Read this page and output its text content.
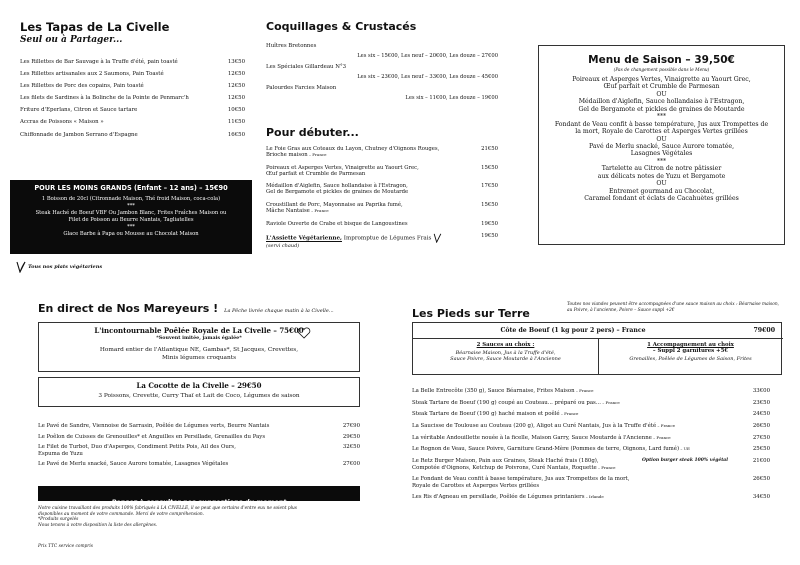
Les Tapas de La Civelle
Seul ou à Partager...
Les Rillettes de Bar Sauvage à la Truffe d'été, pain toasté	13€50
Les Rillettes artisanales aux 2 Saumons, Pain Toasté	12€50
Les Rillettes de Porc des copains, Pain toasté	12€50
Les filets de Sardines à la Bolinche de la Pointe de Penmarc'h	12€50
Friture d'Eperlans, Citron et Sauce tartare	10€50
Accras de Poissons « Maison »	11€50
Chiffonnade de Jambon Serrano d'Espagne	16€50
POUR LES MOINS GRANDS (Enfant – 12 ans) – 15€90
1 Boisson de 20cl (Citronnade Maison, Thé froid Maison, coca-cola)
***
Steak Haché de Boeuf VBF Ou Jambon Blanc, Frites Fraîches Maison ou
Filet de Poisson au Beurre Nantais, Tagliatelles
***
Glace Barbe à Papa ou Mousse au Chocolat Maison
Tous nos plats végétariens
Coquillages & Crustacés
Huîtres Bretonnes
Les six – 15€00, Les neuf – 20€00, Les douze – 27€00
Les Spéciales Gillardeau N°3
Les six – 23€00, Les neuf – 33€00, Les douze – 45€00
Palourdes Farcies Maison
Les six – 11€00, Les douze – 19€00
Pour débuter...
Le Foie Gras aux Coteaux du Layon, Chutney d'Oignons Rouges,
Brioche maison – France
21€50
Poireaux et Asperges Vertes, Vinaigrette au Yaourt Grec,
Œuf parfait et Crumble de Parmesan
15€50
Médaillon d'Aiglefin, Sauce hollandaise à l'Estragon,
Gel de Bergamote et pickles de graines de Moutarde
17€50
Croustillant de Porc, Mayonnaise au Paprika fumé,
Mâche Nantaise – France
15€50
Raviole Ouverte de Crabe et bisque de Langoustines	19€50
L'Assiette Végétarienne, Impromptue de Légumes Frais
(servi chaud)
19€50
Menu de Saison – 39,50€
(Pas de changement possible dans le Menu)
Poireaux et Asperges Vertes, Vinaigrette au Yaourt Grec,
Œuf parfait et Crumble de Parmesan
OU
Médaillon d'Aiglefin, Sauce hollandaise à l'Estragon,
Gel de Bergamote et pickles de graines de Moutarde
***
Fondant de Veau confit à basse température, Jus aux Trompettes de
la mort, Royale de Carottes et Asperges Vertes grillées
OU
Pavé de Merlu snacké, Sauce Aurore tomatée,
Lasagnes Végétales
***
Tartelette au Citron de notre pâtissier
aux délicats notes de Yuzu et Bergamote
OU
Entremet gourmand au Chocolat,
Caramel fondant et éclats de Cacahuètes grillées
En direct de Nos Mareyeurs ! La Pêche livrée chaque matin à la Civelle...
L'incontournable Poêlée Royale de La Civelle – 75€00
*Souvent imitée, jamais égalée*
Homard entier de l'Atlantique NE, Gambas*, St Jacques, Crevettes,
Minis légumes croquants
La Cocotte de la Civelle – 29€50
3 Poissons, Crevette, Curry Thaï et Lait de Coco, Légumes de saison
Le Pavé de Sandre, Viennoise de Sarrasin, Poêlée de Légumes verts, Beurre Nantais	27€90
Le Poêlon de Cuisses de Grenouilles* et Anguilles en Persillade, Grenailles du Pays	29€50
Le Filet de Turbot, Duo d'Asperges, Condiment Petits Pois, Ail des Ours,
Espuma de Yuzu
32€50
Le Pavé de Merlu snacké, Sauce Aurore tomatée, Lasagnes Végétales	27€00
Pensez à consulter nos suggestions du moment
Notre cuisine travaillant des produits 100% fabriqués à LA CIVELLE, il se peut que certains d'entre eux ne soient plus
disponibles au moment de votre commande. Merci de votre compréhension.
*Produits surgelés
Nous tenons à votre disposition la liste des allergènes.
Prix TTC service compris
Les Pieds sur Terre
Toutes nos viandes peuvent être accompagnées d'une sauce maison au choix : Béarnaise maison, au Poivre, à l'ancienne, Poivre – Sauce suppl +2€
Côte de Boeuf (1 kg pour 2 pers) – France	79€00
2 Sauces au choix :
Béarnaise Maison, Jus à la Truffe d'été,
Sauce Poivre, Sauce Moutarde à l'Ancienne
1 Accompagnement au choix
– Suppl 2 garnitures +5€
Grenailles, Poêlée de Légumes de Saison, Frites
La Belle Entrecôte (350 g), Sauce Béarnaise, Frites Maison – France	33€00
Steak Tartare de Boeuf (190 g) coupé au Couteau... préparé ou pas... – France	23€50
Steak Tartare de Boeuf (190 g) haché maison et poêlé – France	24€50
La Saucisse de Toulouse au Couteau (200 g), Aligot au Curé Nantais, Jus à la Truffe d'été – France	26€50
La véritable Andouillette nouée à la ficelle, Maison Garry, Sauce Moutarde à l'Ancienne – France	27€50
Le Rognon de Veau, Sauce Poivre, Garniture Grand-Mère (Pommes de terre, Oignons, Lard fumé) – UE	25€50
Le Retz Burger Maison, Pain aux Graines, Steak Haché frais (180g),
Compotée d'Oignons, Ketchup de Poivrons, Curé Nantais, Roquette – France
Option burger steak 100% végétal	21€00
Le Fondant de Veau confit à basse température, Jus aux Trompettes de la mort,
Royale de Carottes et Asperges Vertes grillées
26€50
Les Ris d'Agneau en persillade, Poêlée de Légumes printaniers – Irlande	34€50
